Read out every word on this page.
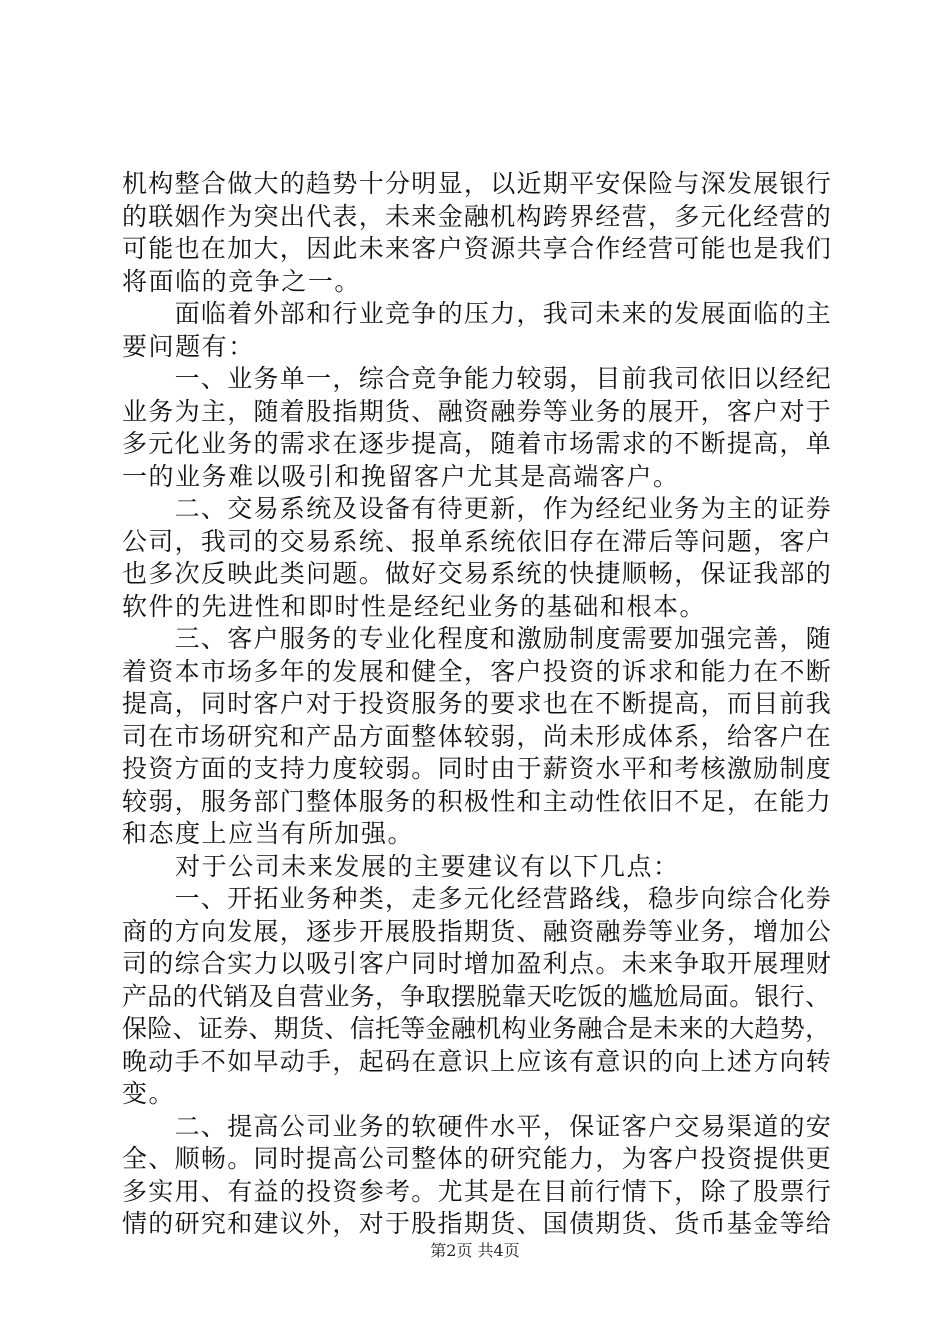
机构整合做大的趋势十分明显，以近期平安保险与深发展银行
的联姻作为突出代表，未来金融机构跨界经营，多元化经营的
可能也在加大，因此未来客户资源共享合作经营可能也是我们
将面临的竞争之一。
　　面临着外部和行业竞争的压力，我司未来的发展面临的主
要问题有：
　　一、业务单一，综合竞争能力较弱，目前我司依旧以经纪
业务为主，随着股指期货、融资融券等业务的展开，客户对于
多元化业务的需求在逐步提高，随着市场需求的不断提高，单
一的业务难以吸引和挽留客户尤其是高端客户。
　　二、交易系统及设备有待更新，作为经纪业务为主的证券
公司，我司的交易系统、报单系统依旧存在滞后等问题，客户
也多次反映此类问题。做好交易系统的快捷顺畅，保证我部的
软件的先进性和即时性是经纪业务的基础和根本。
　　三、客户服务的专业化程度和激励制度需要加强完善，随
着资本市场多年的发展和健全，客户投资的诉求和能力在不断
提高，同时客户对于投资服务的要求也在不断提高，而目前我
司在市场研究和产品方面整体较弱，尚未形成体系，给客户在
投资方面的支持力度较弱。同时由于薪资水平和考核激励制度
较弱，服务部门整体服务的积极性和主动性依旧不足，在能力
和态度上应当有所加强。
　　对于公司未来发展的主要建议有以下几点：
　　一、开拓业务种类，走多元化经营路线，稳步向综合化券
商的方向发展，逐步开展股指期货、融资融券等业务，增加公
司的综合实力以吸引客户同时增加盈利点。未来争取开展理财
产品的代销及自营业务，争取摆脱靠天吃饭的尴尬局面。银行、
保险、证券、期货、信托等金融机构业务融合是未来的大趋势，
晚动手不如早动手，起码在意识上应该有意识的向上述方向转
变。
　　二、提高公司业务的软硬件水平，保证客户交易渠道的安
全、顺畅。同时提高公司整体的研究能力，为客户投资提供更
多实用、有益的投资参考。尤其是在目前行情下，除了股票行
情的研究和建议外，对于股指期货、国债期货、货币基金等给
第2页 共4页
